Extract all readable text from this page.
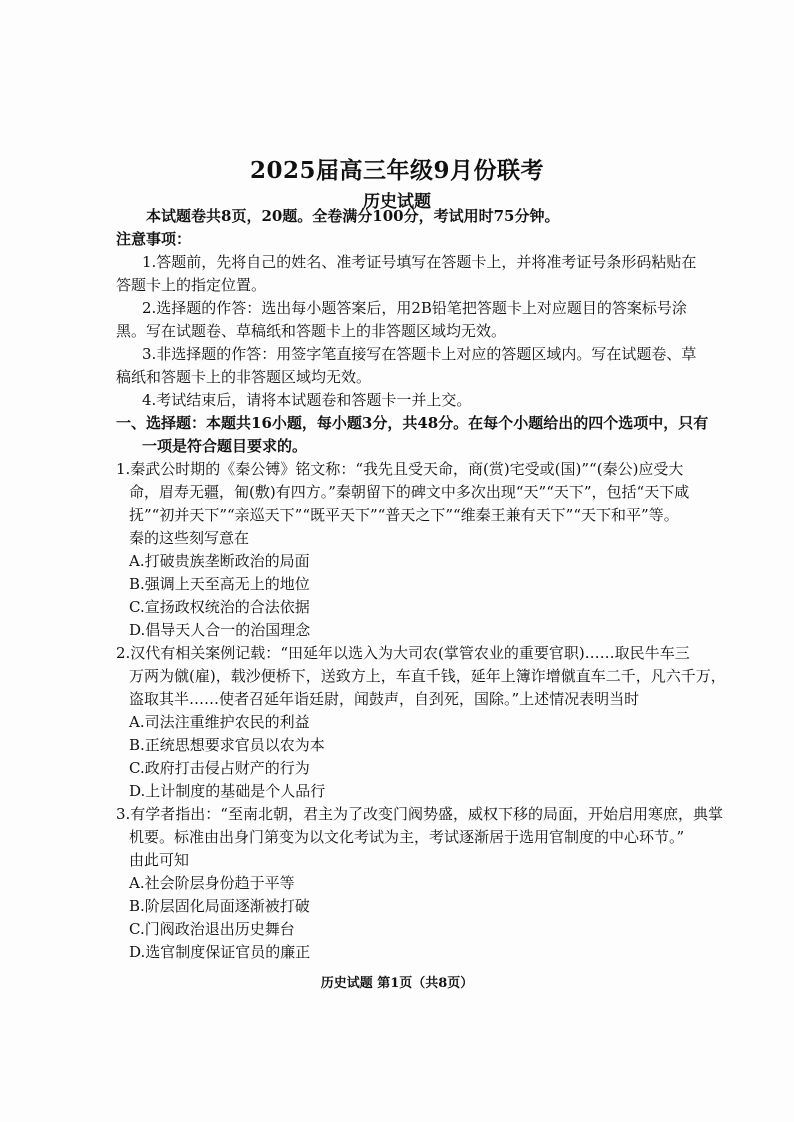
2025届高三年级9月份联考
历史试题
本试题卷共8页，20题。全卷满分100分，考试用时75分钟。
注意事项：
1.答题前，先将自己的姓名、准考证号填写在答题卡上，并将准考证号条形码粘贴在
答题卡上的指定位置。
2.选择题的作答：选出每小题答案后，用2B铅笔把答题卡上对应题目的答案标号涂
黑。写在试题卷、草稿纸和答题卡上的非答题区域均无效。
3.非选择题的作答：用签字笔直接写在答题卡上对应的答题区域内。写在试题卷、草
稿纸和答题卡上的非答题区域均无效。
4.考试结束后，请将本试题卷和答题卡一并上交。
一、选择题：本题共16小题，每小题3分，共48分。在每个小题给出的四个选项中，只有
一项是符合题目要求的。
1.秦武公时期的《秦公镈》铭文称：“我先且受天命，商(赏)宅受或(国)”“(秦公)应受大
命，眉寿无疆，匍(敷)有四方。”秦朝留下的碑文中多次出现“天”“天下”，包括“天下咸
抚”“初并天下”“亲巡天下”“既平天下”“普天之下”“维秦王兼有天下”“天下和平”等。
秦的这些刻写意在
A.打破贵族垄断政治的局面
B.强调上天至高无上的地位
C.宣扬政权统治的合法依据
D.倡导天人合一的治国理念
2.汉代有相关案例记载：“田延年以选入为大司农(掌管农业的重要官职)……取民牛车三
万两为僦(雇)，载沙便桥下，送致方上，车直千钱，延年上簿诈增僦直车二千，凡六千万，
盗取其半……使者召延年诣廷尉，闻鼓声，自刭死，国除。”上述情况表明当时
A.司法注重维护农民的利益
B.正统思想要求官员以农为本
C.政府打击侵占财产的行为
D.上计制度的基础是个人品行
3.有学者指出：“至南北朝，君主为了改变门阀势盛，威权下移的局面，开始启用寒庶，典掌
机要。标准由出身门第变为以文化考试为主，考试逐渐居于选用官制度的中心环节。”
由此可知
A.社会阶层身份趋于平等
B.阶层固化局面逐渐被打破
C.门阀政治退出历史舞台
D.选官制度保证官员的廉正
历史试题 第1页（共8页）
